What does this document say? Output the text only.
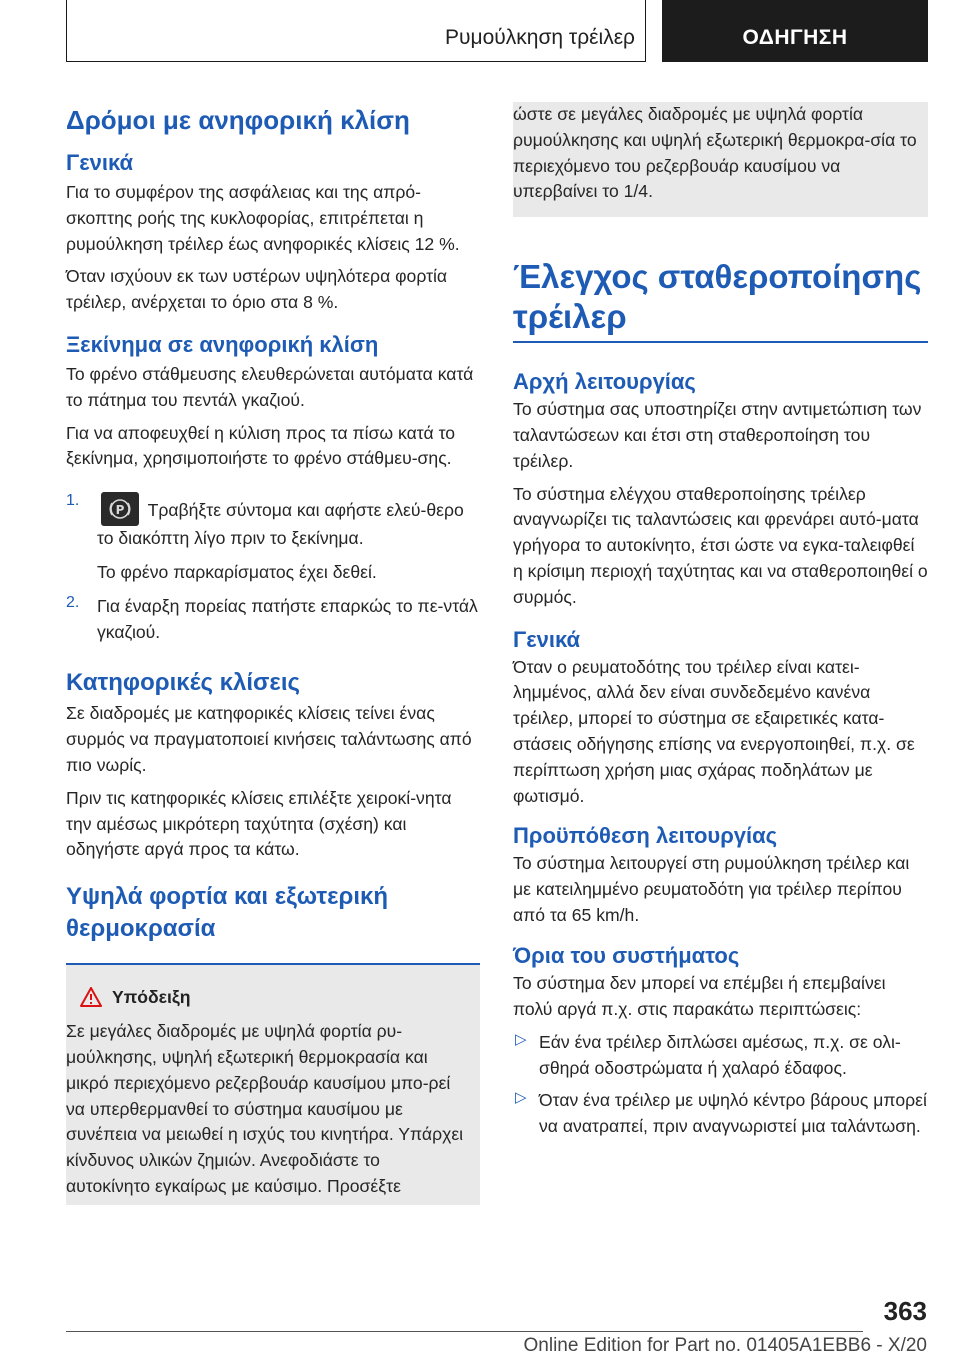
Ρυμούλκηση τρέιλερ	ΟΔΗΓΗΣΗ
Δρόμοι με ανηφορική κλίση
Γενικά

Για το συμφέρον της ασφάλειας και της απρό-σκοπτης ροής της κυκλοφορίας, επιτρέπεται η ρυμούλκηση τρέιλερ έως ανηφορικές κλίσεις 12 %.

Όταν ισχύουν εκ των υστέρων υψηλότερα φορτία τρέιλερ, ανέρχεται το όριο στα 8 %.

Ξεκίνημα σε ανηφορική κλίση

Το φρένο στάθμευσης ελευθερώνεται αυτόματα κατά το πάτημα του πεντάλ γκαζιού.

Για να αποφευχθεί η κύλιση προς τα πίσω κατά το ξεκίνημα, χρησιμοποιήστε το φρένο στάθμευ-σης.

1.

P Τραβήξτε σύντομα και αφήστε ελεύ-θερο το διακόπτη λίγο πριν το ξεκίνημα.

Το φρένο παρκαρίσματος έχει δεθεί.

2. Για έναρξη πορείας πατήστε επαρκώς το πε-ντάλ γκαζιού.

Κατηφορικές κλίσεις

Σε διαδρομές με κατηφορικές κλίσεις τείνει ένας συρμός να πραγματοποιεί κινήσεις ταλάντωσης από πιο νωρίς.

Πριν τις κατηφορικές κλίσεις επιλέξτε χειροκί-νητα την αμέσως μικρότερη ταχύτητα (σχέση) και οδηγήστε αργά προς τα κάτω.

Υψηλά φορτία και εξωτερική θερμοκρασία
Υπόδειξη

Σε μεγάλες διαδρομές με υψηλά φορτία ρυ-μούλκησης, υψηλή εξωτερική θερμοκρασία και μικρό περιεχόμενο ρεζερβουάρ καυσίμου μπο-ρεί να υπερθερμανθεί το σύστημα καυσίμου με συνέπεια να μειωθεί η ισχύς του κινητήρα. Υπάρχει κίνδυνος υλικών ζημιών. Ανεφοδιάστε το αυτοκίνητο εγκαίρως με καύσιμο. Προσέξτε

ώστε σε μεγάλες διαδρομές με υψηλά φορτία ρυμούλκησης και υψηλή εξωτερική θερμοκρα-σία το περιεχόμενο του ρεζερβουάρ καυσίμου να υπερβαίνει το 1/4.

Έλεγχος σταθεροποίησης τρέιλερ
Αρχή λειτουργίας

Το σύστημα σας υποστηρίζει στην αντιμετώπιση των ταλαντώσεων και έτσι στη σταθεροποίηση του τρέιλερ.

Το σύστημα ελέγχου σταθεροποίησης τρέιλερ αναγνωρίζει τις ταλαντώσεις και φρενάρει αυτό-ματα γρήγορα το αυτοκίνητο, έτσι ώστε να εγκα-ταλειφθεί η κρίσιμη περιοχή ταχύτητας και να σταθεροποιηθεί ο συρμός.

Γενικά

Όταν ο ρευματοδότης του τρέιλερ είναι κατει-λημμένος, αλλά δεν είναι συνδεδεμένο κανένα τρέιλερ, μπορεί το σύστημα σε εξαιρετικές κατα-στάσεις οδήγησης επίσης να ενεργοποιηθεί, π.χ. σε περίπτωση χρήση μιας σχάρας ποδηλάτων με φωτισμό.

Προϋπόθεση λειτουργίας

Το σύστημα λειτουργεί στη ρυμούλκηση τρέιλερ και με κατειλημμένο ρευματοδότη για τρέιλερ περίπου από τα 65 km/h.

Όρια του συστήματος

Το σύστημα δεν μπορεί να επέμβει ή επεμβαίνει πολύ αργά π.χ. στις παρακάτω περιπτώσεις:

▷ Εάν ένα τρέιλερ διπλώσει αμέσως, π.χ. σε ολι-σθηρά οδοστρώματα ή χαλαρό έδαφος.

▷ Όταν ένα τρέιλερ με υψηλό κέντρο βάρους μπορεί να ανατραπεί, πριν αναγνωριστεί μια ταλάντωση.

363
Online Edition for Part no. 01405A1EBB6 - X/20
